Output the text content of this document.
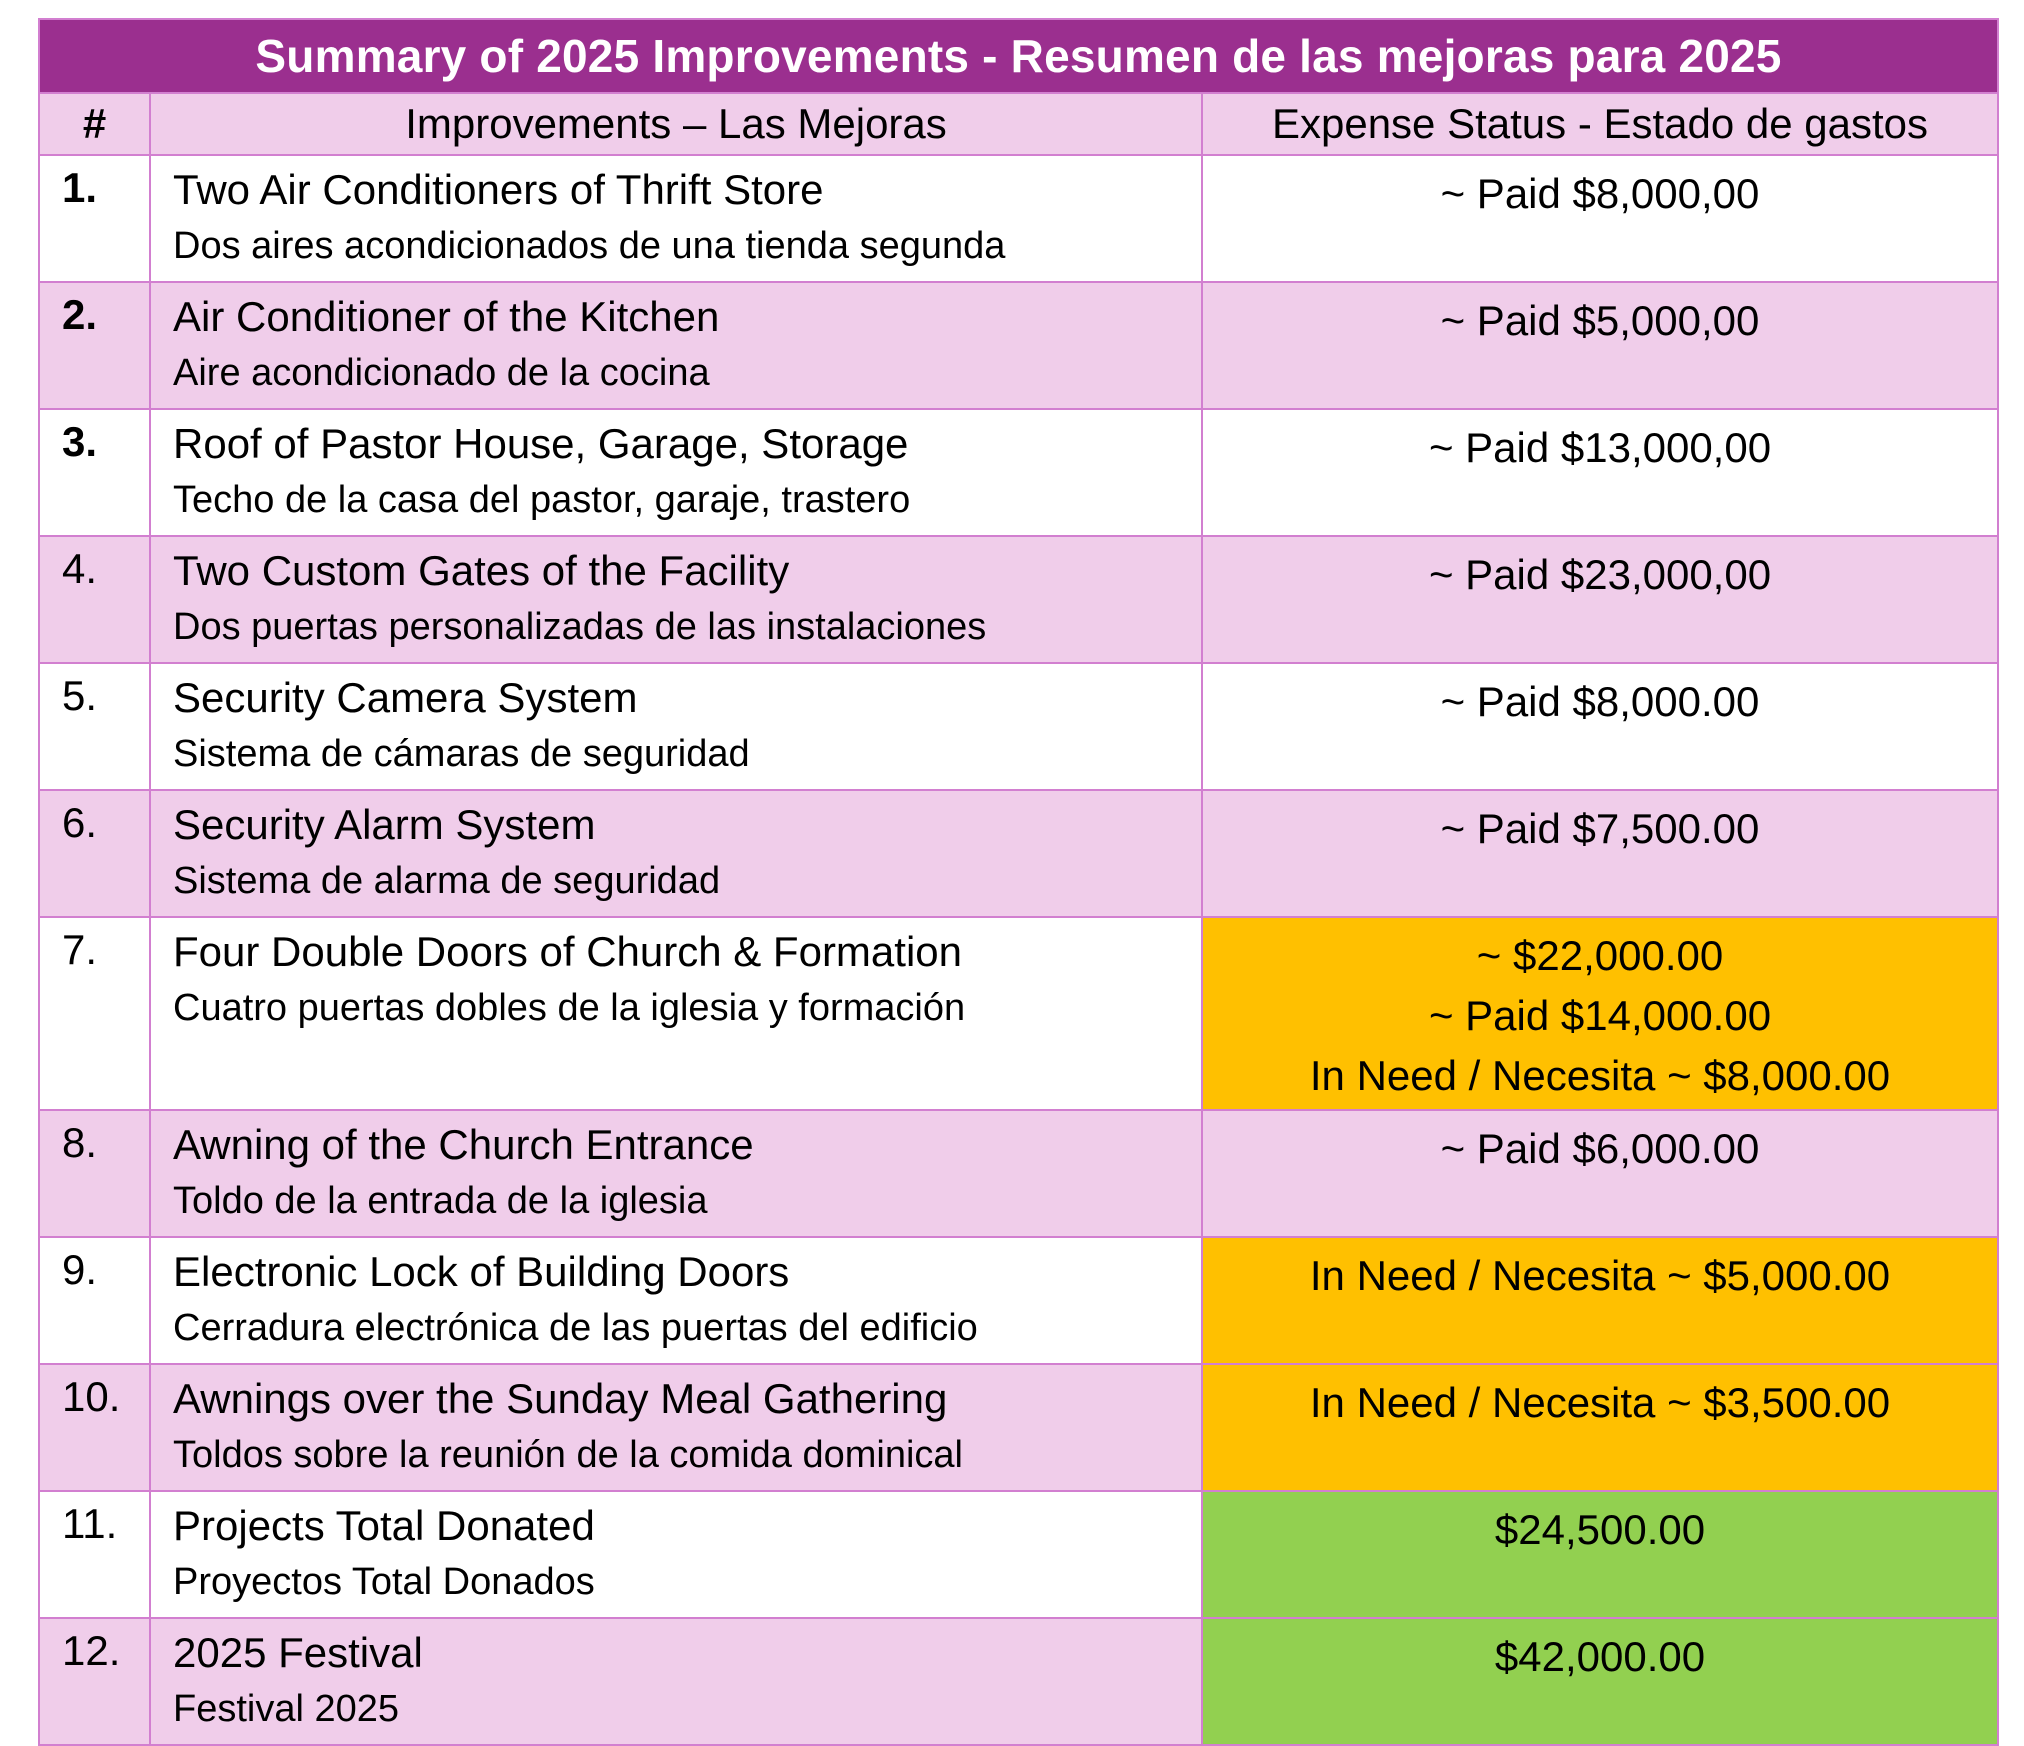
Summary of 2025 Improvements - Resumen de las mejoras para 2025		
#	Improvements – Las Mejoras	Expense Status - Estado de gastos
1.	Two Air Conditioners of Thrift Store
Dos aires acondicionados de una tienda segunda	~ Paid $8,000,00

2.	Air Conditioner of the Kitchen
Aire acondicionado de la cocina	~ Paid $5,000,00

3.	Roof of Pastor House, Garage, Storage
Techo de la casa del pastor, garaje, trastero	~ Paid $13,000,00

4.	Two Custom Gates of the Facility
Dos puertas personalizadas de las instalaciones	~ Paid $23,000,00

5.	Security Camera System
Sistema de cámaras de seguridad	~ Paid $8,000.00

6.	Security Alarm System
Sistema de alarma de seguridad	~ Paid $7,500.00

7.	Four Double Doors of Church & Formation
Cuatro puertas dobles de la iglesia y formación	~ $22,000.00
~ Paid $14,000.00
In Need / Necesita ~ $8,000.00

8.	Awning of the Church Entrance
Toldo de la entrada de la iglesia	~ Paid $6,000.00

9.	Electronic Lock of Building Doors
Cerradura electrónica de las puertas del edificio	In Need / Necesita ~ $5,000.00

10.	Awnings over the Sunday Meal Gathering
Toldos sobre la reunión de la comida dominical	In Need / Necesita ~ $3,500.00

11.	Projects Total Donated
Proyectos Total Donados	$24,500.00

12.	2025 Festival
Festival 2025	$42,000.00
